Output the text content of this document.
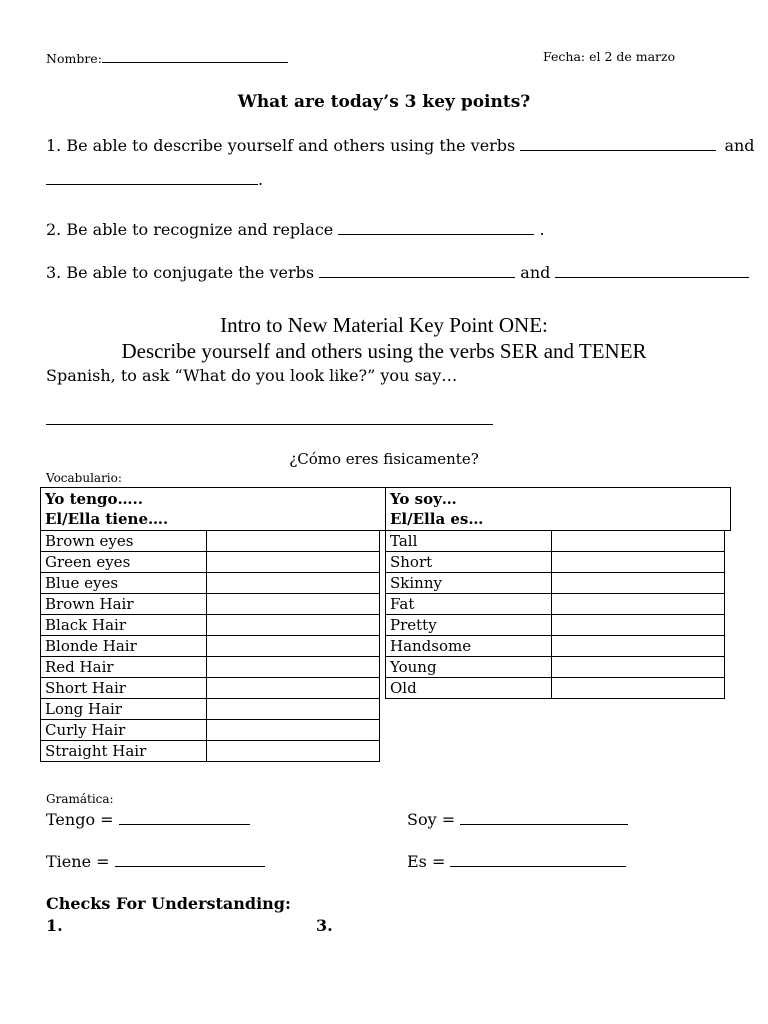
Nombre:	Fecha: el 2 de marzo
What are today’s 3 key points?
1. Be able to describe yourself and others using the verbs	and
.
2. Be able to recognize and replace	.
3. Be able to conjugate the verbs	and
Intro to New Material Key Point ONE:
Describe yourself and others using the verbs SER and TENER
Spanish, to ask “What do you look like?” you say…
¿Cómo eres fisicamente?
Vocabulario:
Yo tengo…..
El/Ella tiene….
Yo soy…
El/Ella es…
Brown eyes	
Green eyes	
Blue eyes	
Brown Hair	
Black Hair	
Blonde Hair	
Red Hair	
Short Hair	
Long Hair	
Curly Hair	
Straight Hair	
Tall	
Short	
Skinny	
Fat	
Pretty	
Handsome	
Young	
Old	
Gramática:
Tengo =	Soy =
Tiene =	Es =
Checks For Understanding:
1.	3.
